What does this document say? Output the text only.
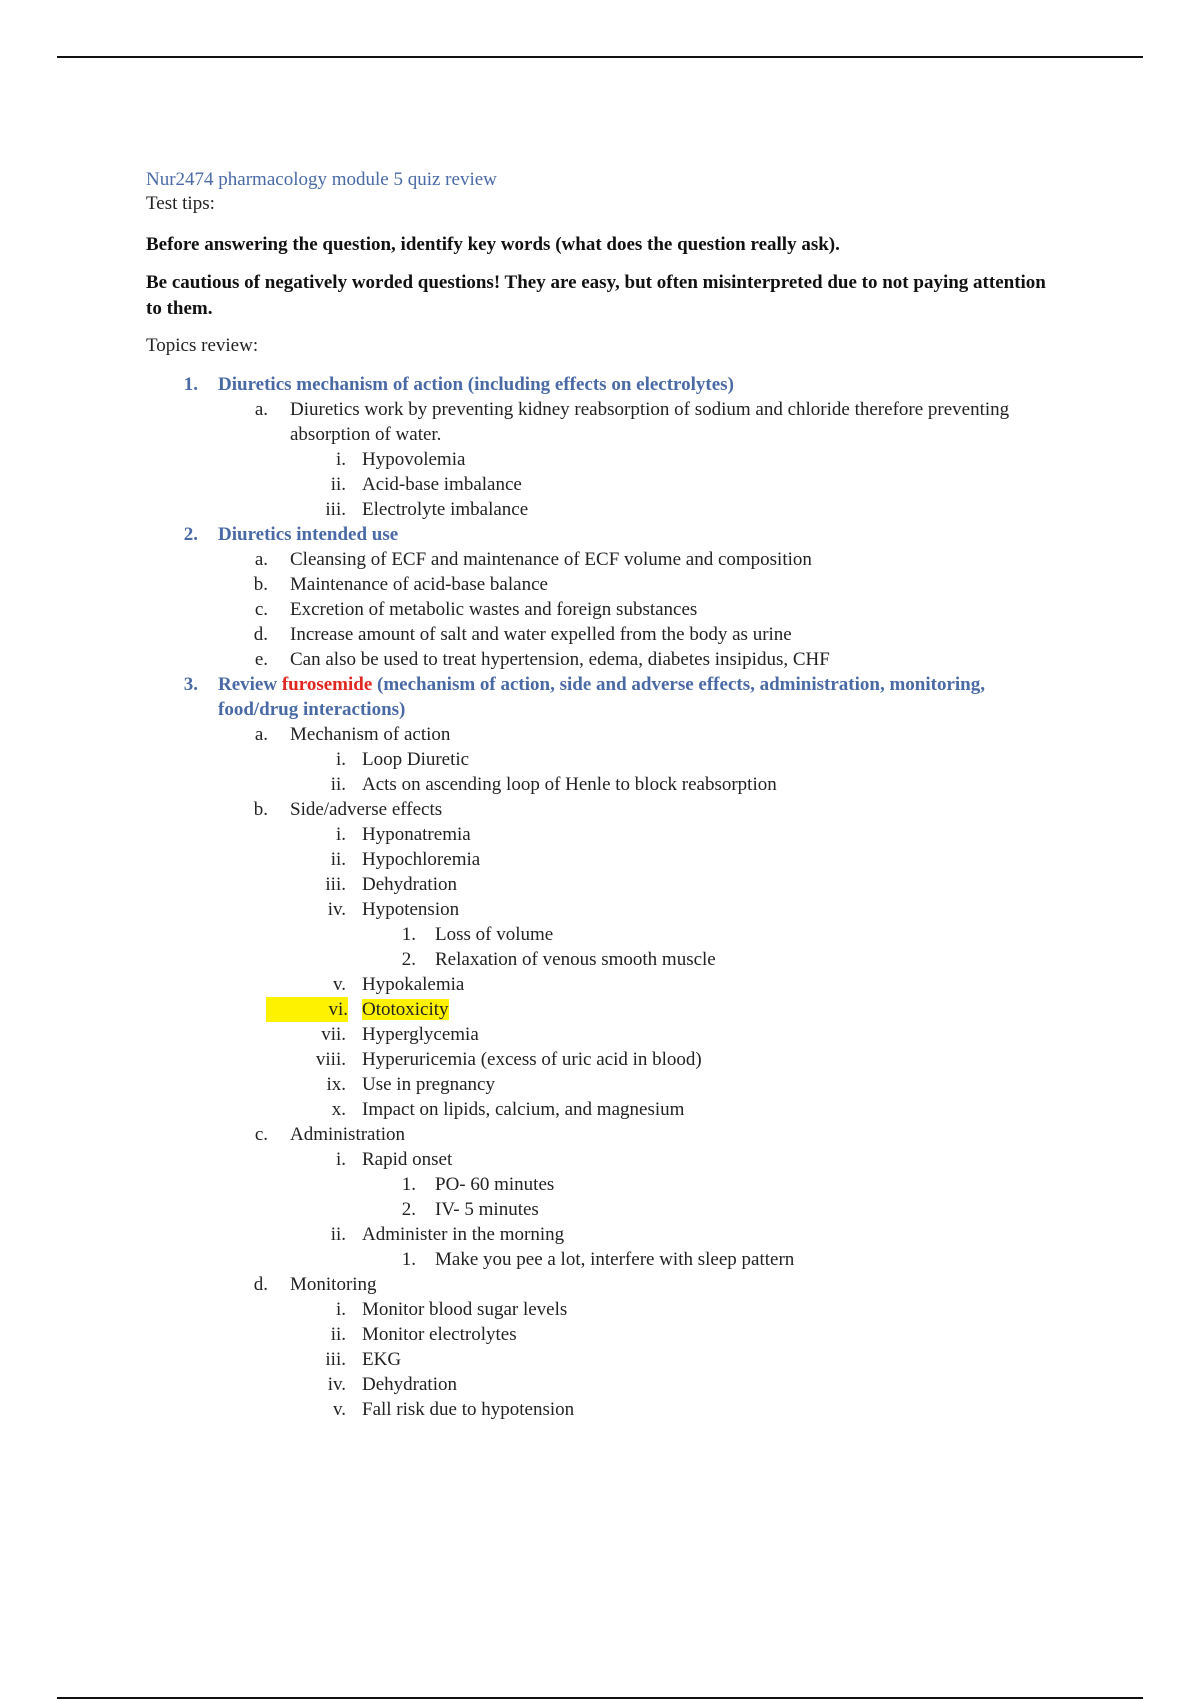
Nur2474 pharmacology module 5 quiz review
Test tips:
Before answering the question, identify key words (what does the question really ask).
Be cautious of negatively worded questions! They are easy, but often misinterpreted due to not paying attention to them.
Topics review:
1. Diuretics mechanism of action (including effects on electrolytes)
a. Diuretics work by preventing kidney reabsorption of sodium and chloride therefore preventing absorption of water.
i. Hypovolemia
ii. Acid-base imbalance
iii. Electrolyte imbalance
2. Diuretics intended use
a. Cleansing of ECF and maintenance of ECF volume and composition
b. Maintenance of acid-base balance
c. Excretion of metabolic wastes and foreign substances
d. Increase amount of salt and water expelled from the body as urine
e. Can also be used to treat hypertension, edema, diabetes insipidus, CHF
3. Review furosemide (mechanism of action, side and adverse effects, administration, monitoring, food/drug interactions)
a. Mechanism of action
i. Loop Diuretic
ii. Acts on ascending loop of Henle to block reabsorption
b. Side/adverse effects
i. Hyponatremia
ii. Hypochloremia
iii. Dehydration
iv. Hypotension
1. Loss of volume
2. Relaxation of venous smooth muscle
v. Hypokalemia
vi. Ototoxicity
vii. Hyperglycemia
viii. Hyperuricemia (excess of uric acid in blood)
ix. Use in pregnancy
x. Impact on lipids, calcium, and magnesium
c. Administration
i. Rapid onset
1. PO- 60 minutes
2. IV- 5 minutes
ii. Administer in the morning
1. Make you pee a lot, interfere with sleep pattern
d. Monitoring
i. Monitor blood sugar levels
ii. Monitor electrolytes
iii. EKG
iv. Dehydration
v. Fall risk due to hypotension
